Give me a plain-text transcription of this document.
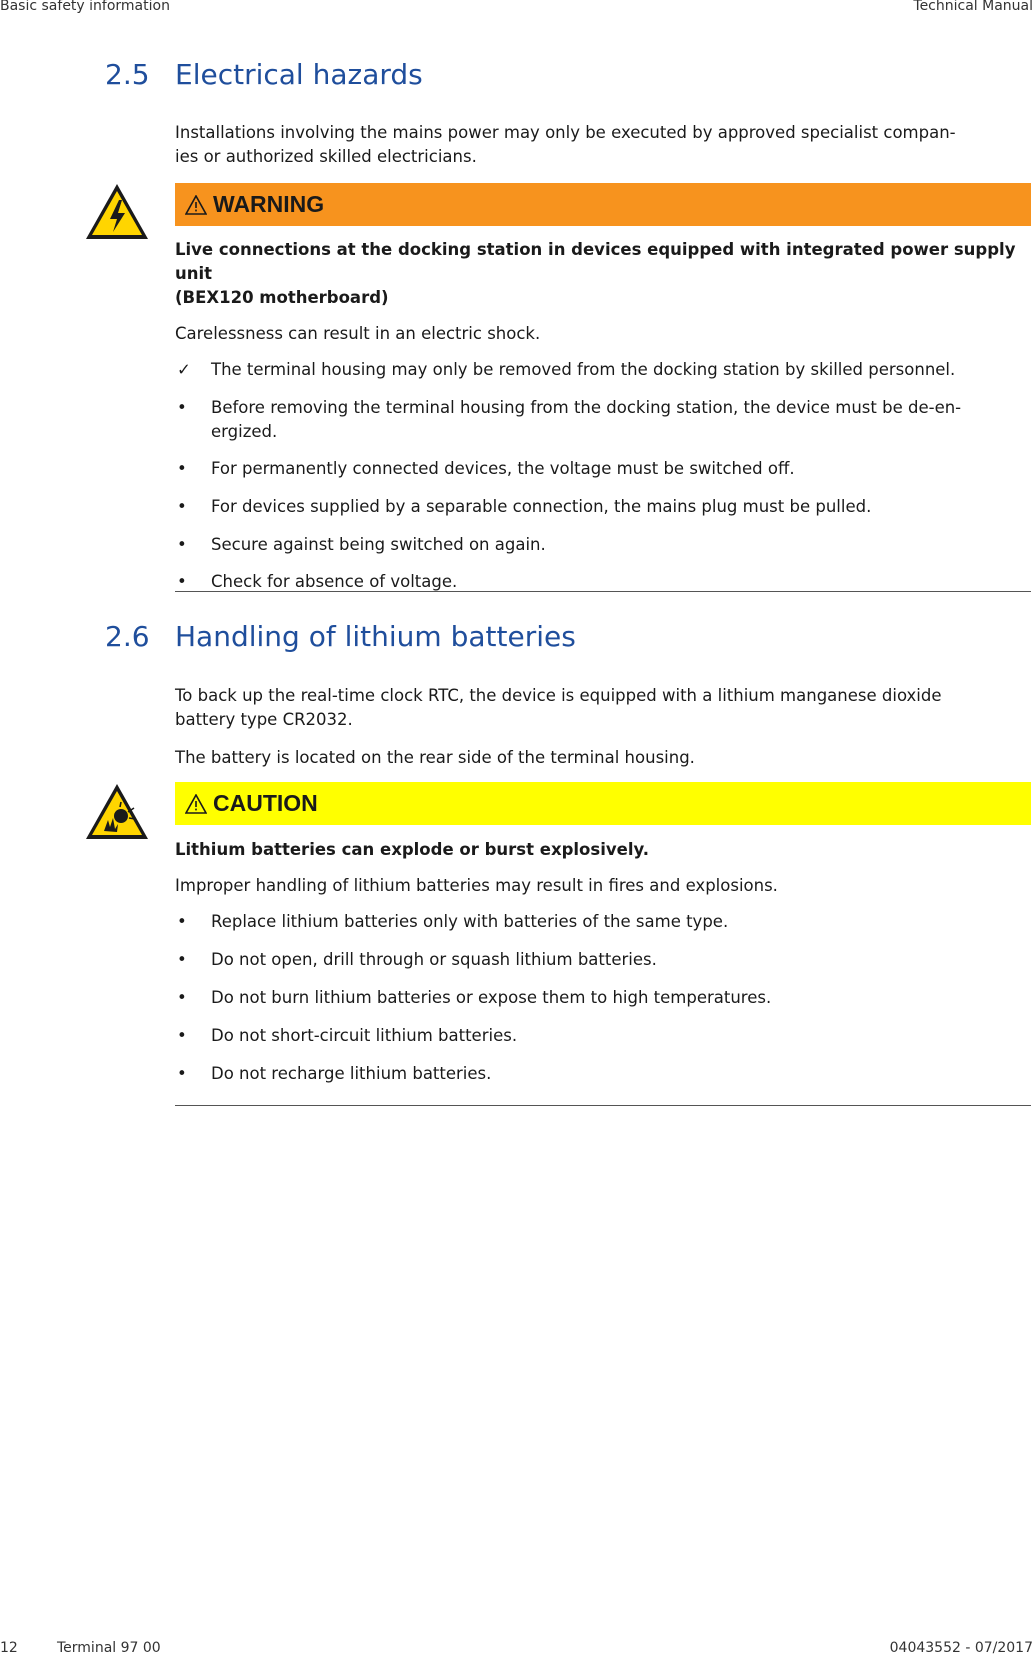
Basic safety information	Technical Manual
2.5 Electrical hazards

Installations involving the mains power may only be executed by approved specialist compan-

ies or authorized skilled electricians.

WARNING

Live connections at the docking station in devices equipped with integrated power supply unit

(BEX120 motherboard)

Carelessness can result in an electric shock.

✓ The terminal housing may only be removed from the docking station by skilled personnel.
• Before removing the terminal housing from the docking station, the device must be de-en-
ergized.
• For permanently connected devices, the voltage must be switched off.
• For devices supplied by a separable connection, the mains plug must be pulled.
• Secure against being switched on again.
• Check for absence of voltage.
2.6 Handling of lithium batteries

To back up the real-time clock RTC, the device is equipped with a lithium manganese dioxide

battery type CR2032.

The battery is located on the rear side of the terminal housing.

CAUTION

Lithium batteries can explode or burst explosively.

Improper handling of lithium batteries may result in fires and explosions.

• Replace lithium batteries only with batteries of the same type.
• Do not open, drill through or squash lithium batteries.
• Do not burn lithium batteries or expose them to high temperatures.
• Do not short-circuit lithium batteries.
• Do not recharge lithium batteries.
12	Terminal 97 00	04043552 - 07/2017
